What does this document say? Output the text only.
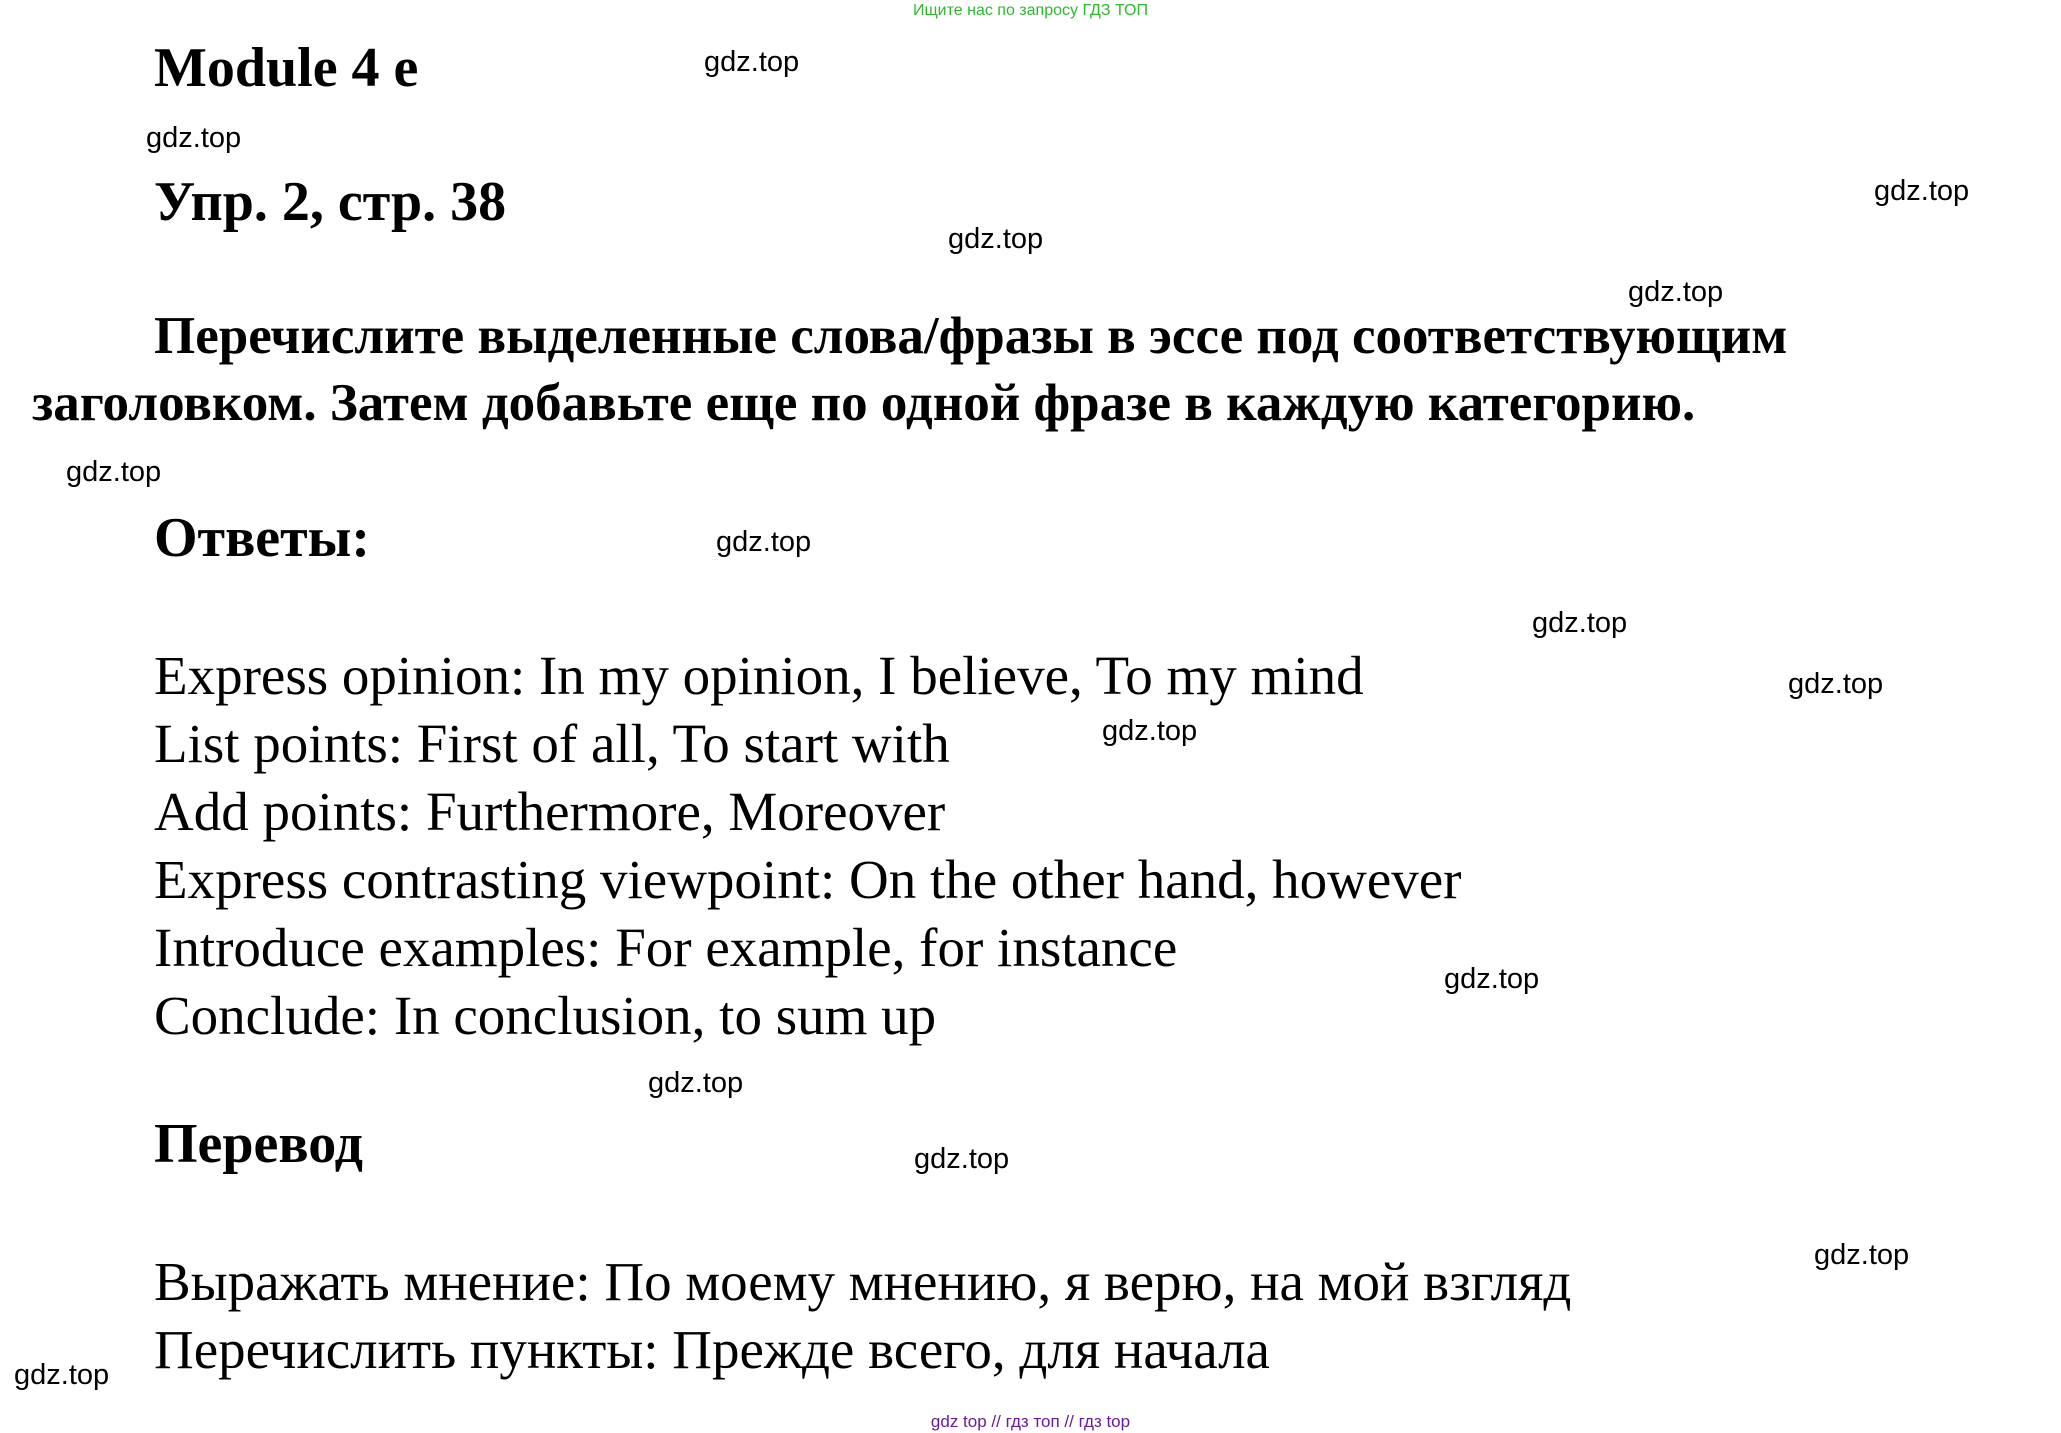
Ищите нас по запросу ГДЗ ТОП
Module 4 e
Упр. 2, стр. 38
Перечислите выделенные слова/фразы в эссе под соответствующим
заголовком. Затем добавьте еще по одной фразе в каждую категорию.
Ответы:
Express opinion: In my opinion, I believe, To my mind
List points: First of all, To start with
Add points: Furthermore, Moreover
Express contrasting viewpoint: On the other hand, however
Introduce examples: For example, for instance
Conclude: In conclusion, to sum up
Перевод
Выражать мнение: По моему мнению, я верю, на мой взгляд
Перечислить пункты: Прежде всего, для начала
gdz.top
gdz.top
gdz.top
gdz.top
gdz.top
gdz.top
gdz.top
gdz.top
gdz.top
gdz.top
gdz.top
gdz.top
gdz.top
gdz.top
gdz.top
gdz top // гдз топ // гдз top
